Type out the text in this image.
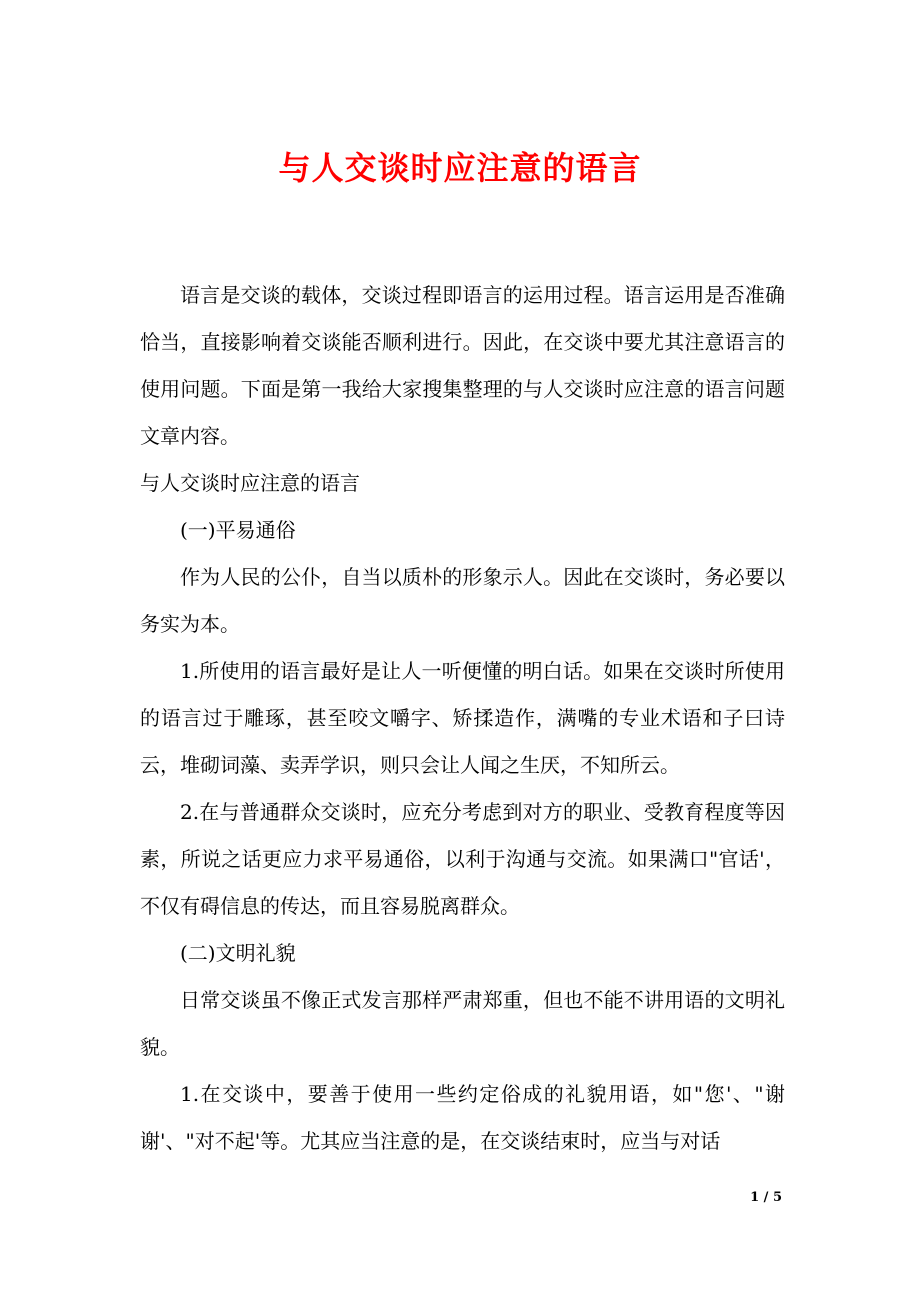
与人交谈时应注意的语言

语言是交谈的载体，交谈过程即语言的运用过程。语言运用是否准确恰当，直接影响着交谈能否顺利进行。因此，在交谈中要尤其注意语言的使用问题。下面是第一我给大家搜集整理的与人交谈时应注意的语言问题文章内容。

与人交谈时应注意的语言

(一)平易通俗

作为人民的公仆，自当以质朴的形象示人。因此在交谈时，务必要以务实为本。

1.所使用的语言最好是让人一听便懂的明白话。如果在交谈时所使用的语言过于雕琢，甚至咬文嚼字、矫揉造作，满嘴的专业术语和子曰诗云，堆砌词藻、卖弄学识，则只会让人闻之生厌，不知所云。

2.在与普通群众交谈时，应充分考虑到对方的职业、受教育程度等因素，所说之话更应力求平易通俗，以利于沟通与交流。如果满口"官话'，不仅有碍信息的传达，而且容易脱离群众。

(二)文明礼貌

日常交谈虽不像正式发言那样严肃郑重，但也不能不讲用语的文明礼貌。

1.在交谈中，要善于使用一些约定俗成的礼貌用语，如"您'、"谢谢'、"对不起'等。尤其应当注意的是，在交谈结束时，应当与对话

1 / 5
